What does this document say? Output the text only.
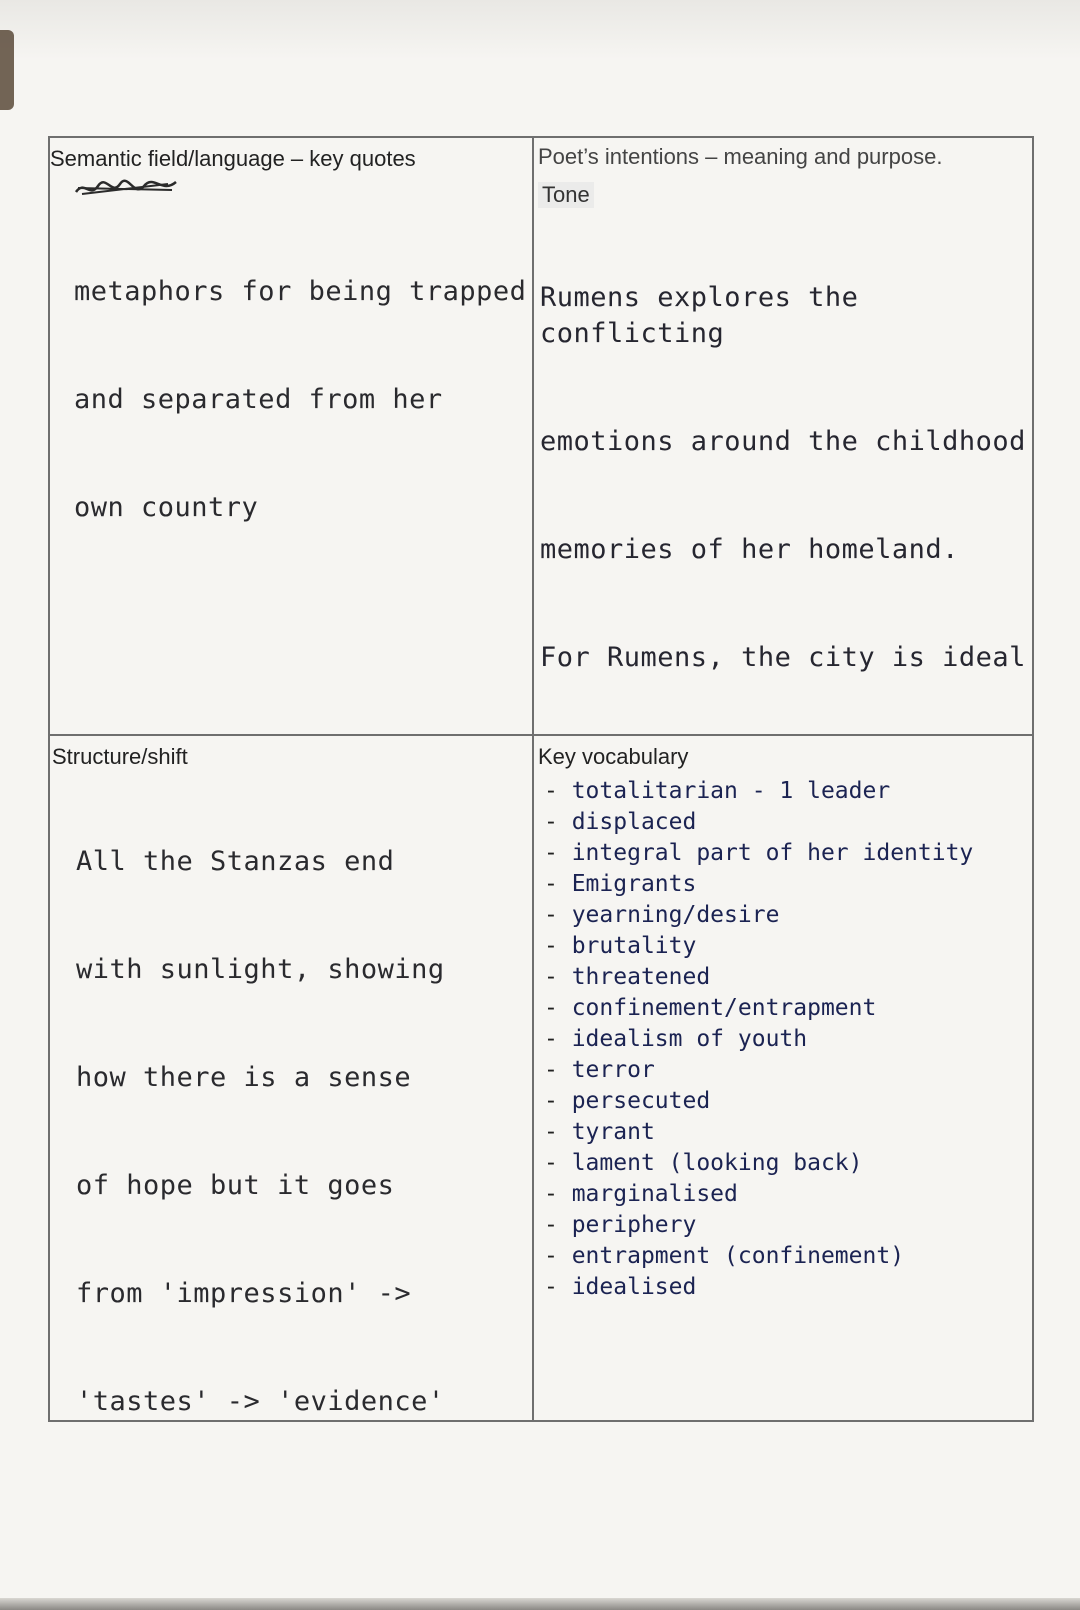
Semantic field/language – key quotes

metaphors for being trapped

and separated from her

own country

Poet’s intentions – meaning and purpose.
Tone

Rumens explores the conflicting

emotions around the childhood

memories of her homeland.

For Rumens, the city is ideal

Structure/shift

All the Stanzas end

with sunlight, showing

how there is a sense

of hope but it goes

from 'impression' ->

'tastes' -> 'evidence'

Key vocabulary
- totalitarian - 1 leader
- displaced
- integral part of her identity
- Emigrants
- yearning/desire
- brutality
- threatened
- confinement/entrapment
- idealism of youth
- terror
- persecuted
- tyrant
- lament (looking back)
- marginalised
- periphery
- entrapment (confinement)
- idealised
